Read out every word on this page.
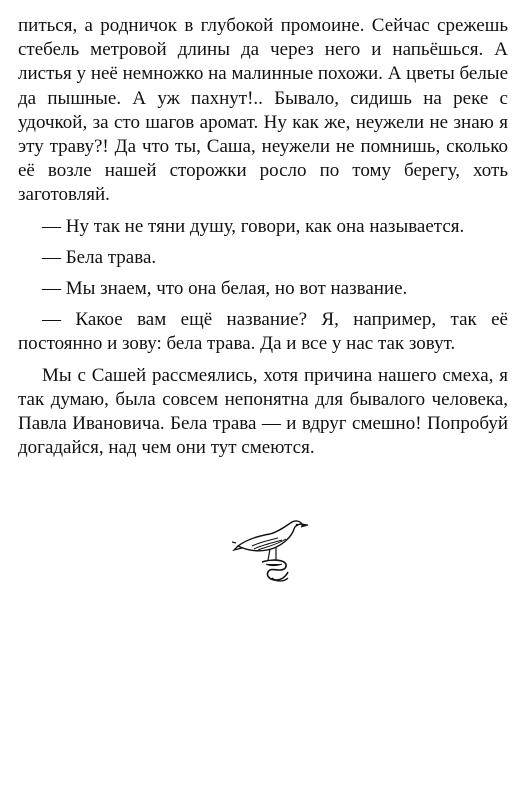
питься, а родничок в глубокой промоине. Сейчас срежешь стебель метровой длины да через него и напьёшься. А листья у неё немножко на малинные похожи. А цветы белые да пышные. А уж пахнут!.. Бывало, сидишь на реке с удочкой, за сто шагов аромат. Ну как же, неужели не знаю я эту траву?! Да что ты, Саша, неужели не помнишь, сколько её возле нашей сторожки росло по тому берегу, хоть заготовляй.

— Ну так не тяни душу, говори, как она называется.

— Бела трава.

— Мы знаем, что она белая, но вот название.

— Какое вам ещё название? Я, например, так её постоянно и зову: бела трава. Да и все у нас так зовут.

Мы с Сашей рассмеялись, хотя причина нашего смеха, я так думаю, была совсем непонятна для бывалого человека, Павла Ивановича. Бела трава — и вдруг смешно! Попробуй догадайся, над чем они тут смеются.
